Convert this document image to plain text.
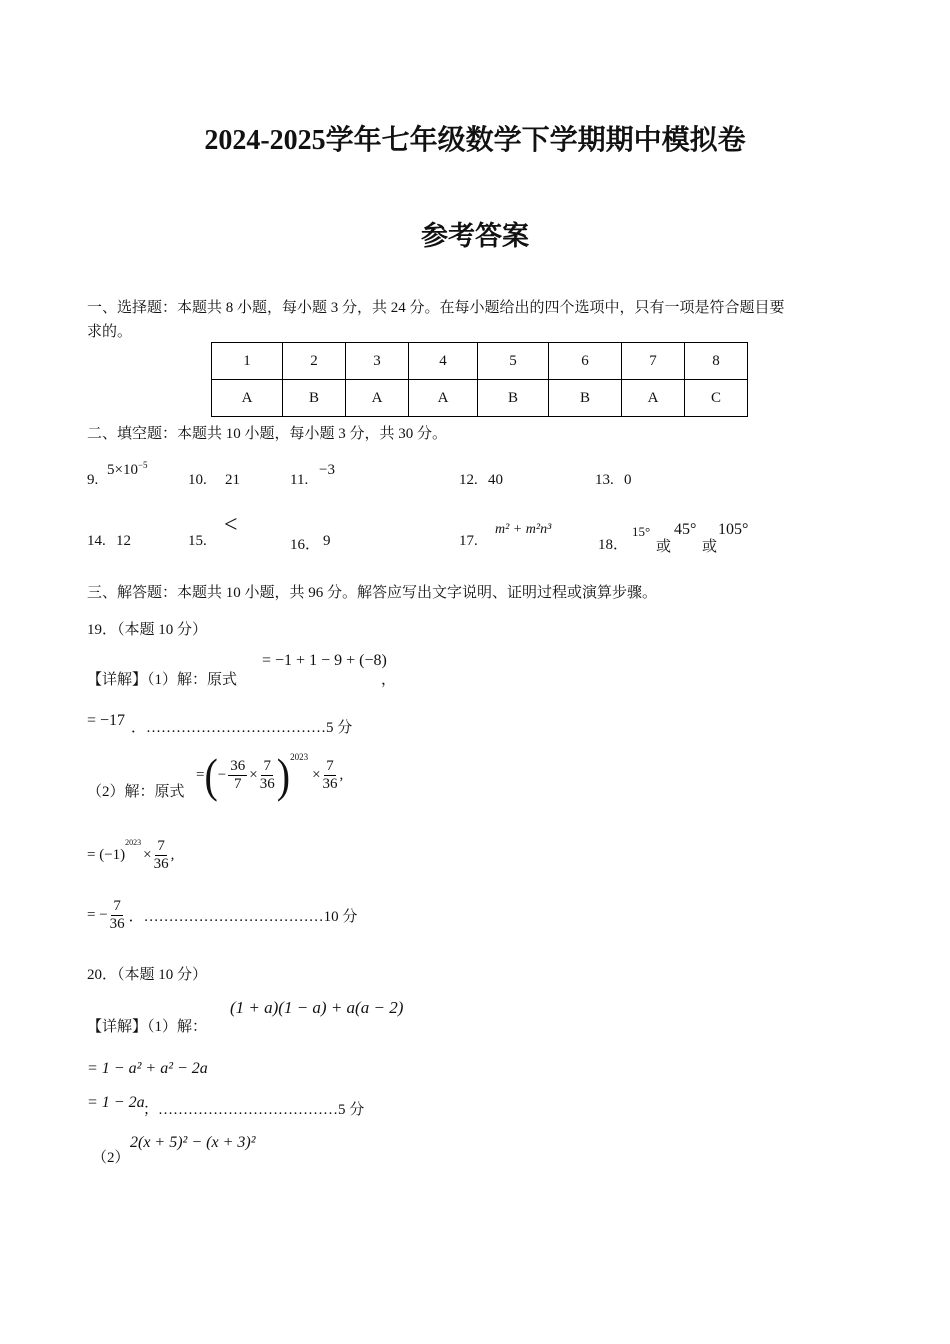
2024-2025学年七年级数学下学期期中模拟卷
参考答案
一、选择题：本题共 8 小题，每小题 3 分，共 24 分。在每小题给出的四个选项中，只有一项是符合题目要
求的。
1	2	3	4	5	6	7	8
A	B	A	A	B	B	A	C
二、填空题：本题共 10 小题，每小题 3 分，共 30 分。
9.
$5\times 10^{-5}$
10. 21	11.
−3
12. 40	13. 0
14. 12	15.
<
16． 9	17.
m² + m²n³
18．
15°
或
45°
或
105°
三、解答题：本题共 10 小题，共 96 分。解答应写出文字说明、证明过程或演算步骤。
19．（本题 10 分）
【详解】（1）解：原式
= −1 + 1 − 9 + (−8)
，
= −17 ．………………………………5 分
（2）解：原式
= ( − $\frac{36}{7} \times \frac{7}{36}$ ) 2023
× $\frac{7}{36}$ ,
= (−1)
2023
× $\frac{7}{36}$ ,
= − $\frac{7}{36}$ ．………………………………10 分
20．（本题 10 分）
【详解】（1）解：
(1 + a)(1 − a) + a(a − 2)
= 1 − a² + a² − 2a
= 1 − 2a
；………………………………5 分
（2）
2(x + 5)² − (x + 3)²
